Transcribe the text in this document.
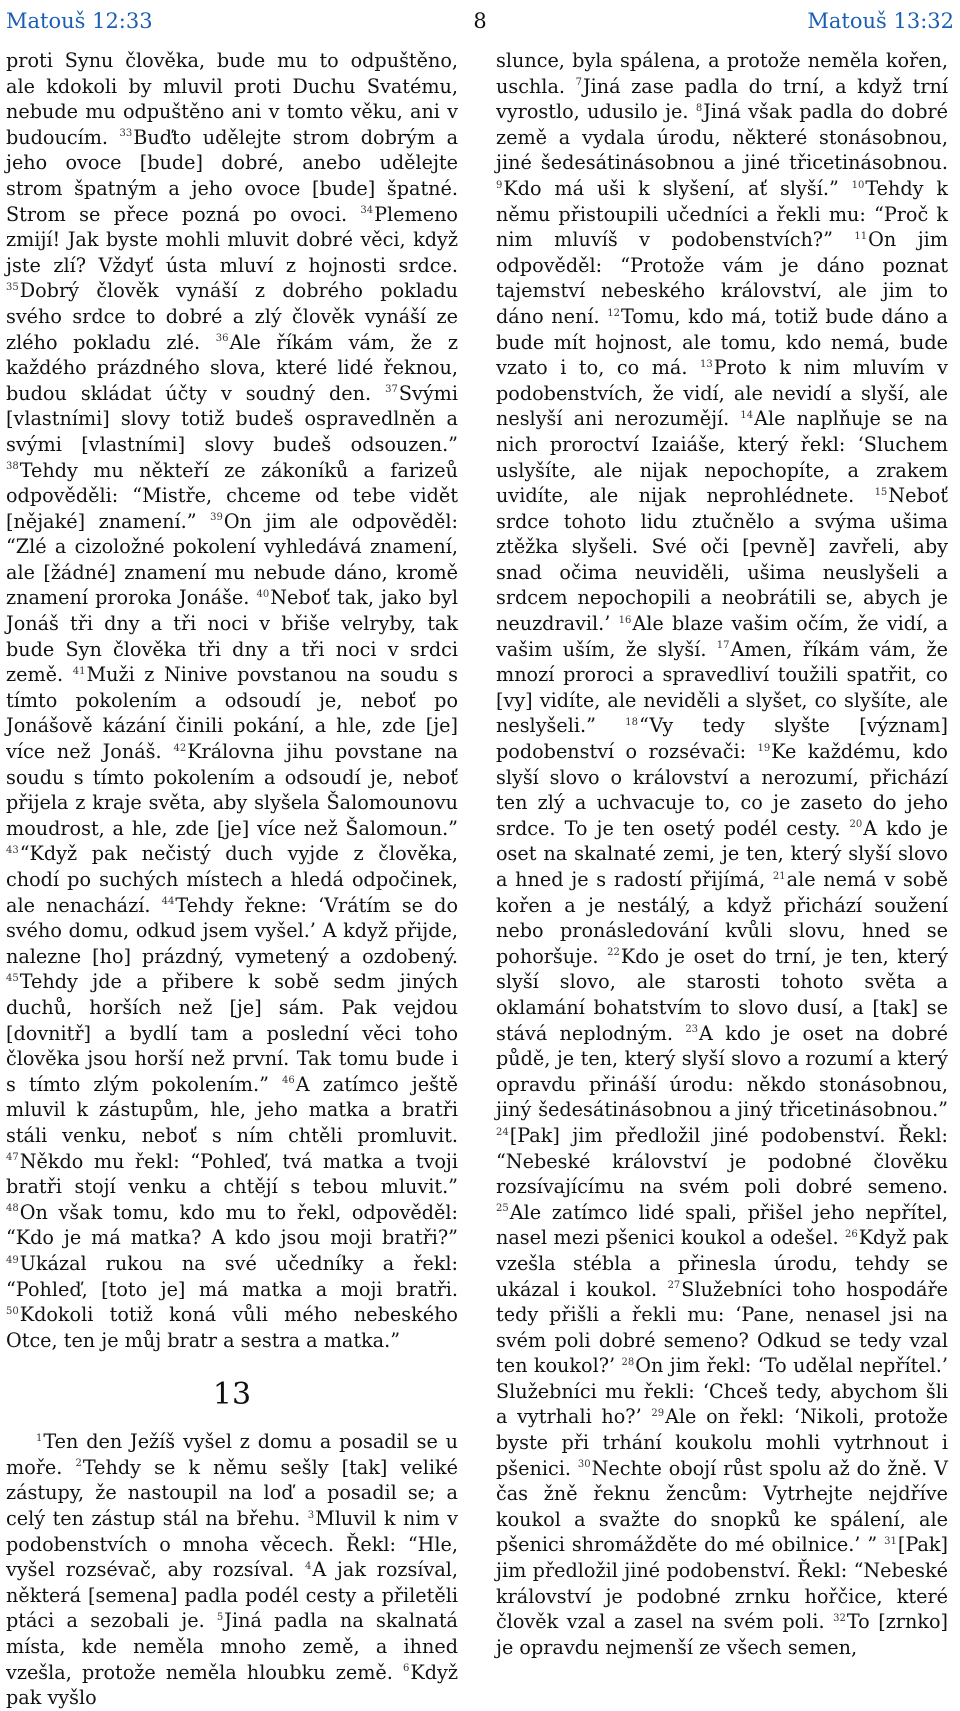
8
Matouš 12:33	Matouš 13:32

proti Synu člověka, bude mu to odpuštěno, ale kdokoli by mluvil proti Duchu Svatému, nebude mu odpuštěno ani v tomto věku, ani v budoucím. $^{33}$Buďto udělejte strom dobrým a jeho ovoce [bude] dobré, anebo udělejte strom špatným a jeho ovoce [bude] špatné. Strom se přece pozná po ovoci. $^{34}$Plemeno zmijí! Jak byste mohli mluvit dobré věci, když jste zlí? Vždyť ústa mluví z hojnosti srdce. $^{35}$Dobrý člověk vynáší z dobrého pokladu svého srdce to dobré a zlý člověk vynáší ze zlého pokladu zlé. $^{36}$Ale říkám vám, že z každého prázdného slova, které lidé řeknou, budou skládat účty v soudný den. $^{37}$Svými [vlastními] slovy totiž budeš ospravedlněn a svými [vlastními] slovy budeš odsouzen.” $^{38}$Tehdy mu někteří ze zákoníků a farizeů odpověděli: “Mistře, chceme od tebe vidět [nějaké] znamení.” $^{39}$On jim ale odpověděl: “Zlé a cizoložné pokolení vyhledává znamení, ale [žádné] znamení mu nebude dáno, kromě znamení proroka Jonáše. $^{40}$Neboť tak, jako byl Jonáš tři dny a tři noci v břiše velryby, tak bude Syn člověka tři dny a tři noci v srdci země. $^{41}$Muži z Ninive povstanou na soudu s tímto pokolením a odsoudí je, neboť po Jonášově kázání činili pokání, a hle, zde [je] více než Jonáš. $^{42}$Královna jihu povstane na soudu s tímto pokolením a odsoudí je, neboť přijela z kraje světa, aby slyšela Šalomounovu moudrost, a hle, zde [je] více než Šalomoun.” $^{43}$“Když pak nečistý duch vyjde z člověka, chodí po suchých místech a hledá odpočinek, ale nenachází. $^{44}$Tehdy řekne: ‘Vrátím se do svého domu, odkud jsem vyšel.’ A když přijde, nalezne [ho] prázdný, vymetený a ozdobený. $^{45}$Tehdy jde a přibere k sobě sedm jiných duchů, horších než [je] sám. Pak vejdou [dovnitř] a bydlí tam a poslední věci toho člověka jsou horší než první. Tak tomu bude i s tímto zlým pokolením.” $^{46}$A zatímco ještě mluvil k zástupům, hle, jeho matka a bratři stáli venku, neboť s ním chtěli promluvit. $^{47}$Někdo mu řekl: “Pohleď, tvá matka a tvoji bratři stojí venku a chtějí s tebou mluvit.” $^{48}$On však tomu, kdo mu to řekl, odpověděl: “Kdo je má matka? A kdo jsou moji bratři?” $^{49}$Ukázal rukou na své učedníky a řekl: “Pohleď, [toto je] má matka a moji bratři. $^{50}$Kdokoli totiž koná vůli mého nebeského Otce, ten je můj bratr a sestra a matka.”

13

$^1$Ten den Ježíš vyšel z domu a posadil se u moře. $^2$Tehdy se k němu sešly [tak] veliké zástupy, že nastoupil na loď a posadil se; a celý ten zástup stál na břehu. $^3$Mluvil k nim v podobenstvích o mnoha věcech. Řekl: “Hle, vyšel rozsévač, aby rozsíval. $^4$A jak rozsíval, některá [semena] padla podél cesty a přiletěli ptáci a sezobali je. $^5$Jiná padla na skalnatá místa, kde neměla mnoho země, a ihned vzešla, protože neměla hloubku země. $^6$Když pak vyšlo

slunce, byla spálena, a protože neměla kořen, uschla. $^7$Jiná zase padla do trní, a když trní vyrostlo, udusilo je. $^8$Jiná však padla do dobré země a vydala úrodu, některé stonásobnou, jiné šedesátinásobnou a jiné třicetinásobnou. $^9$Kdo má uši k slyšení, ať slyší.” $^{10}$Tehdy k němu přistoupili učedníci a řekli mu: “Proč k nim mluvíš v podobenstvích?” $^{11}$On jim odpověděl: “Protože vám je dáno poznat tajemství nebeského království, ale jim to dáno není. $^{12}$Tomu, kdo má, totiž bude dáno a bude mít hojnost, ale tomu, kdo nemá, bude vzato i to, co má. $^{13}$Proto k nim mluvím v podobenstvích, že vidí, ale nevidí a slyší, ale neslyší ani nerozumějí. $^{14}$Ale naplňuje se na nich proroctví Izaiáše, který řekl: ‘Sluchem uslyšíte, ale nijak nepochopíte, a zrakem uvidíte, ale nijak neprohlédnete. $^{15}$Neboť srdce tohoto lidu ztučnělo a svýma ušima ztěžka slyšeli. Své oči [pevně] zavřeli, aby snad očima neuviděli, ušima neuslyšeli a srdcem nepochopili a neobrátili se, abych je neuzdravil.’ $^{16}$Ale blaze vašim očím, že vidí, a vašim uším, že slyší. $^{17}$Amen, říkám vám, že mnozí proroci a spravedliví toužili spatřit, co [vy] vidíte, ale neviděli a slyšet, co slyšíte, ale neslyšeli.” $^{18}$“Vy tedy slyšte [význam] podobenství o rozsévači: $^{19}$Ke každému, kdo slyší slovo o království a nerozumí, přichází ten zlý a uchvacuje to, co je zaseto do jeho srdce. To je ten osetý podél cesty. $^{20}$A kdo je oset na skalnaté zemi, je ten, který slyší slovo a hned je s radostí přijímá, $^{21}$ale nemá v sobě kořen a je nestálý, a když přichází soužení nebo pronásledování kvůli slovu, hned se pohoršuje. $^{22}$Kdo je oset do trní, je ten, který slyší slovo, ale starosti tohoto světa a oklamání bohatstvím to slovo dusí, a [tak] se stává neplodným. $^{23}$A kdo je oset na dobré půdě, je ten, který slyší slovo a rozumí a který opravdu přináší úrodu: někdo stonásobnou, jiný šedesátinásobnou a jiný třicetinásobnou.” $^{24}$[Pak] jim předložil jiné podobenství. Řekl: “Nebeské království je podobné člověku rozsívajícímu na svém poli dobré semeno. $^{25}$Ale zatímco lidé spali, přišel jeho nepřítel, nasel mezi pšenici koukol a odešel. $^{26}$Když pak vzešla stébla a přinesla úrodu, tehdy se ukázal i koukol. $^{27}$Služebníci toho hospodáře tedy přišli a řekli mu: ‘Pane, nenasel jsi na svém poli dobré semeno? Odkud se tedy vzal ten koukol?’ $^{28}$On jim řekl: ‘To udělal nepřítel.’ Služebníci mu řekli: ‘Chceš tedy, abychom šli a vytrhali ho?’ $^{29}$Ale on řekl: ‘Nikoli, protože byste při trhání koukolu mohli vytrhnout i pšenici. $^{30}$Nechte obojí růst spolu až do žně. V čas žně řeknu žencům: Vytrhejte nejdříve koukol a svažte do snopků ke spálení, ale pšenici shromážděte do mé obilnice.’ ” $^{31}$[Pak] jim předložil jiné podobenství. Řekl: “Nebeské království je podobné zrnku hořčice, které člověk vzal a zasel na svém poli. $^{32}$To [zrnko] je opravdu nejmenší ze všech semen,
